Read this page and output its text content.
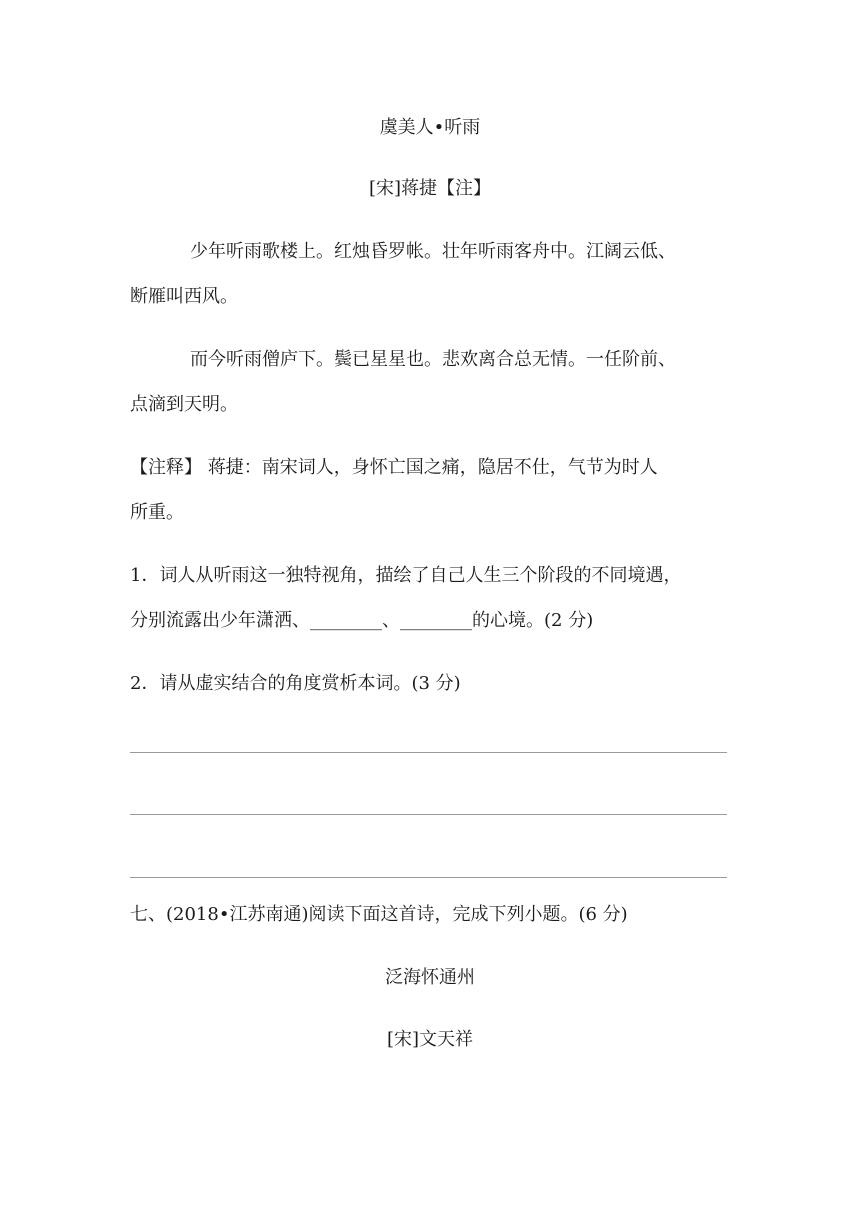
虞美人•听雨
[宋]蒋捷【注】
少年听雨歌楼上。红烛昏罗帐。壮年听雨客舟中。江阔云低、
断雁叫西风。
而今听雨僧庐下。鬓已星星也。悲欢离合总无情。一任阶前、
点滴到天明。
【注释】 蒋捷：南宋词人，身怀亡国之痛，隐居不仕，气节为时人
所重。
1．词人从听雨这一独特视角，描绘了自己人生三个阶段的不同境遇，
分别流露出少年潇洒、________、________的心境。(2 分)
2．请从虚实结合的角度赏析本词。(3 分)
七、(2018•江苏南通)阅读下面这首诗，完成下列小题。(6 分)
泛海怀通州
[宋]文天祥
